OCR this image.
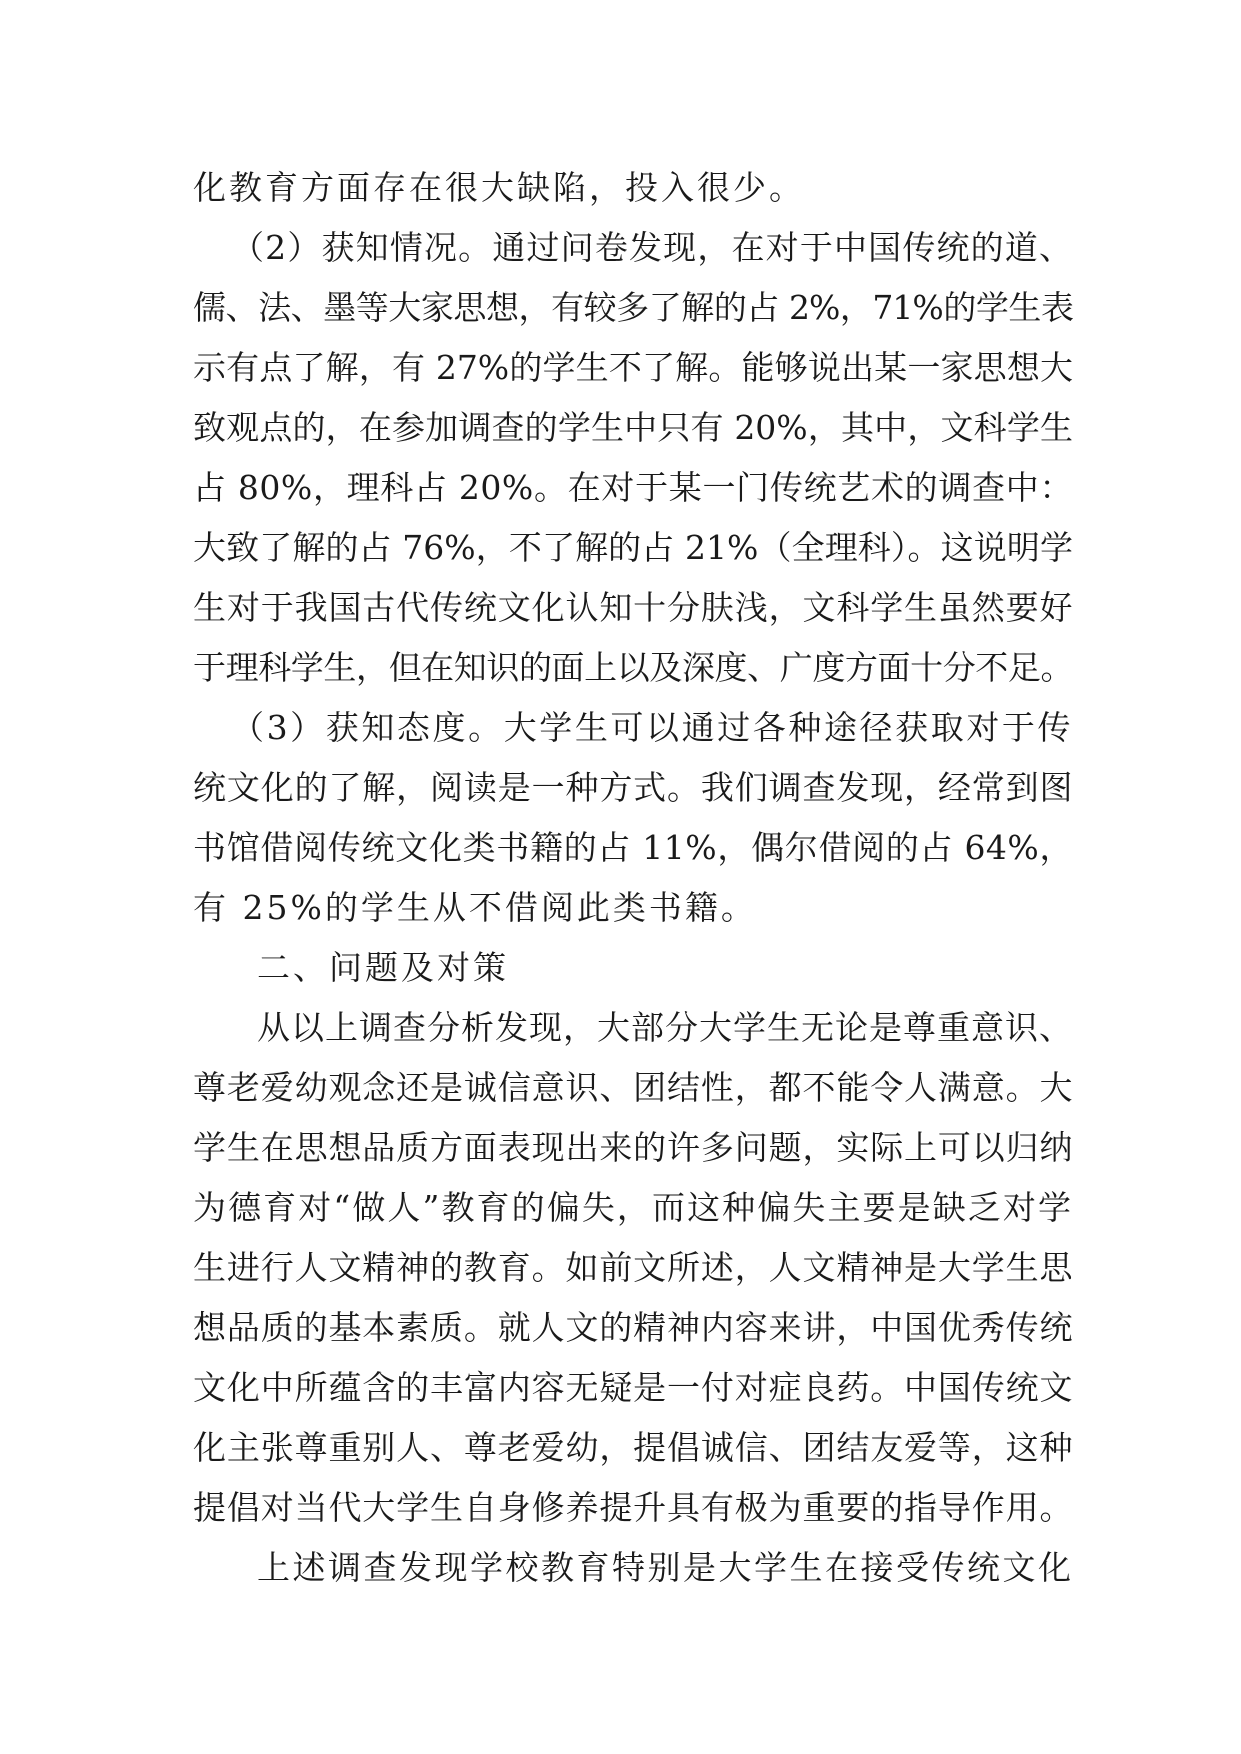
化教育方面存在很大缺陷，投入很少。
（2）获知情况。通过问卷发现，在对于中国传统的道、
儒、法、墨等大家思想，有较多了解的占 2%，71%的学生表
示有点了解，有 27%的学生不了解。能够说出某一家思想大
致观点的，在参加调查的学生中只有 20%，其中，文科学生
占 80%，理科占 20%。在对于某一门传统艺术的调查中：
大致了解的占 76%，不了解的占 21%（全理科）。这说明学
生对于我国古代传统文化认知十分肤浅，文科学生虽然要好
于理科学生，但在知识的面上以及深度、广度方面十分不足。
（3）获知态度。大学生可以通过各种途径获取对于传
统文化的了解，阅读是一种方式。我们调查发现，经常到图
书馆借阅传统文化类书籍的占 11%，偶尔借阅的占 64%，
有 25%的学生从不借阅此类书籍。
二、问题及对策
从以上调查分析发现，大部分大学生无论是尊重意识、
尊老爱幼观念还是诚信意识、团结性，都不能令人满意。大
学生在思想品质方面表现出来的许多问题，实际上可以归纳
为德育对“做人”教育的偏失，而这种偏失主要是缺乏对学
生进行人文精神的教育。如前文所述，人文精神是大学生思
想品质的基本素质。就人文的精神内容来讲，中国优秀传统
文化中所蕴含的丰富内容无疑是一付对症良药。中国传统文
化主张尊重别人、尊老爱幼，提倡诚信、团结友爱等，这种
提倡对当代大学生自身修养提升具有极为重要的指导作用。
上述调查发现学校教育特别是大学生在接受传统文化
